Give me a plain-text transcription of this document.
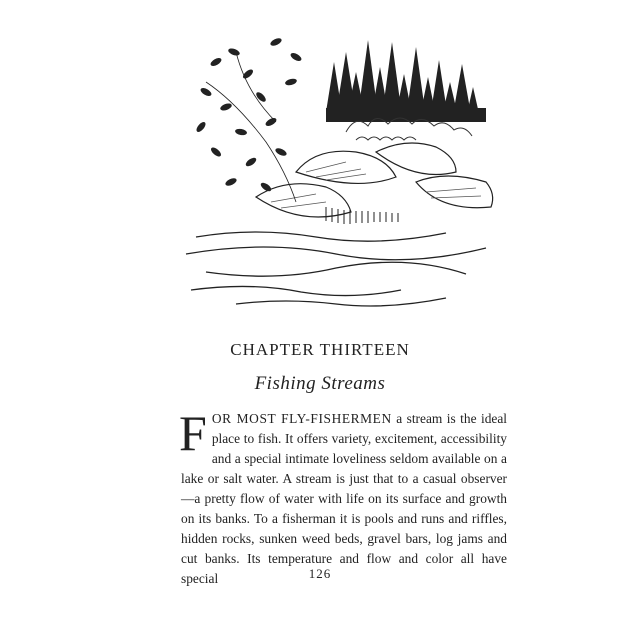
CHAPTER THIRTEEN
Fishing Streams

FOR MOST FLY-FISHERMEN a stream is the ideal place to fish. It offers variety, excitement, accessibility and a special intimate loveliness seldom available on a lake or salt water. A stream is just that to a casual observer —a pretty flow of water with life on its surface and growth on its banks. To a fisherman it is pools and runs and riffles, hidden rocks, sunken weed beds, gravel bars, log jams and cut banks. Its temperature and flow and color all have special	126
